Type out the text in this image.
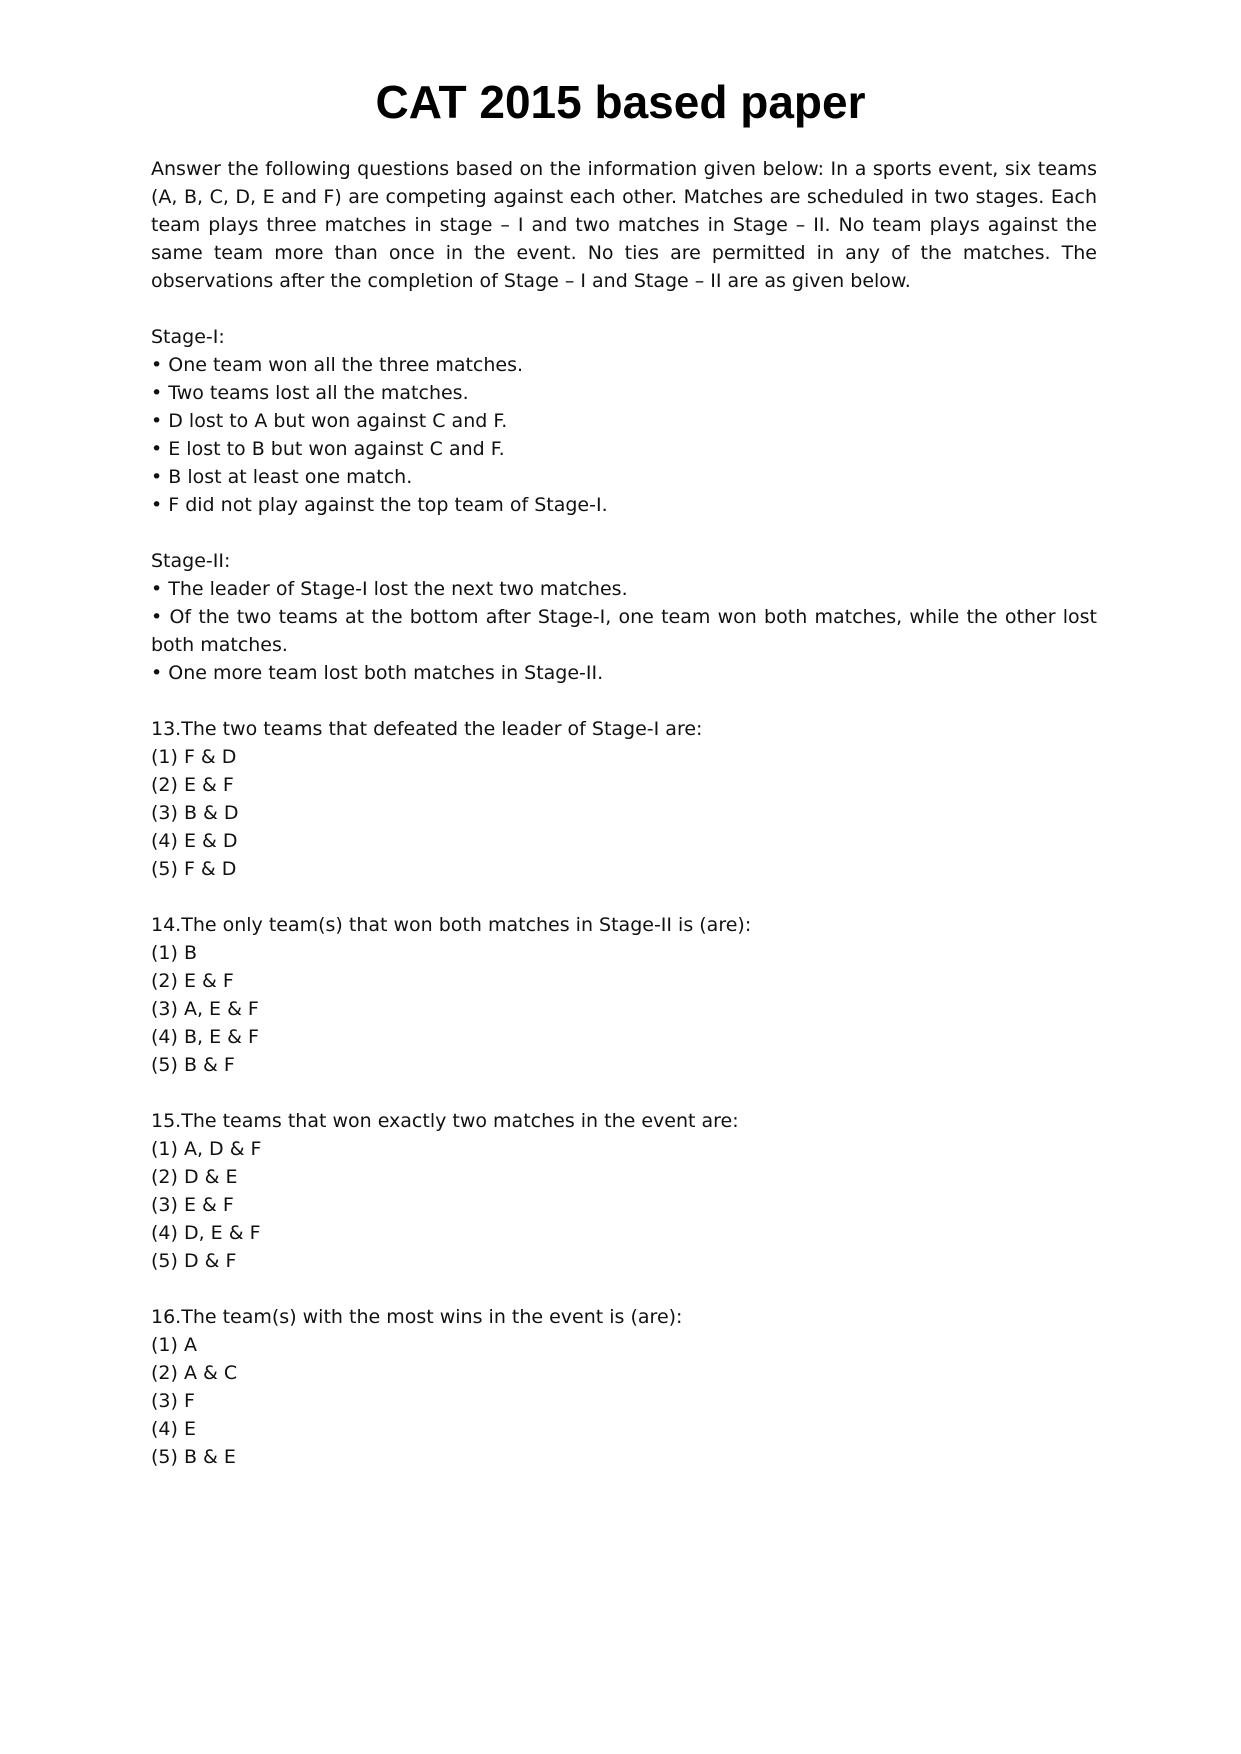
CAT 2015 based paper

Answer the following questions based on the information given below: In a sports event, six teams (A, B, C, D, E and F) are competing against each other. Matches are scheduled in two stages. Each team plays three matches in stage – I and two matches in Stage – II. No team plays against the same team more than once in the event. No ties are permitted in any of the matches. The observations after the completion of Stage – I and Stage – II are as given below.

Stage-I:

• One team won all the three matches.

• Two teams lost all the matches.

• D lost to A but won against C and F.

• E lost to B but won against C and F.

• B lost at least one match.

• F did not play against the top team of Stage-I.

Stage-II:

• The leader of Stage-I lost the next two matches.

• Of the two teams at the bottom after Stage-I, one team won both matches, while the other lost both matches.

• One more team lost both matches in Stage-II.

13.The two teams that defeated the leader of Stage-I are:

(1) F & D

(2) E & F

(3) B & D

(4) E & D

(5) F & D

14.The only team(s) that won both matches in Stage-II is (are):

(1) B

(2) E & F

(3) A, E & F

(4) B, E & F

(5) B & F

15.The teams that won exactly two matches in the event are:

(1) A, D & F

(2) D & E

(3) E & F

(4) D, E & F

(5) D & F

16.The team(s) with the most wins in the event is (are):

(1) A

(2) A & C

(3) F

(4) E

(5) B & E
